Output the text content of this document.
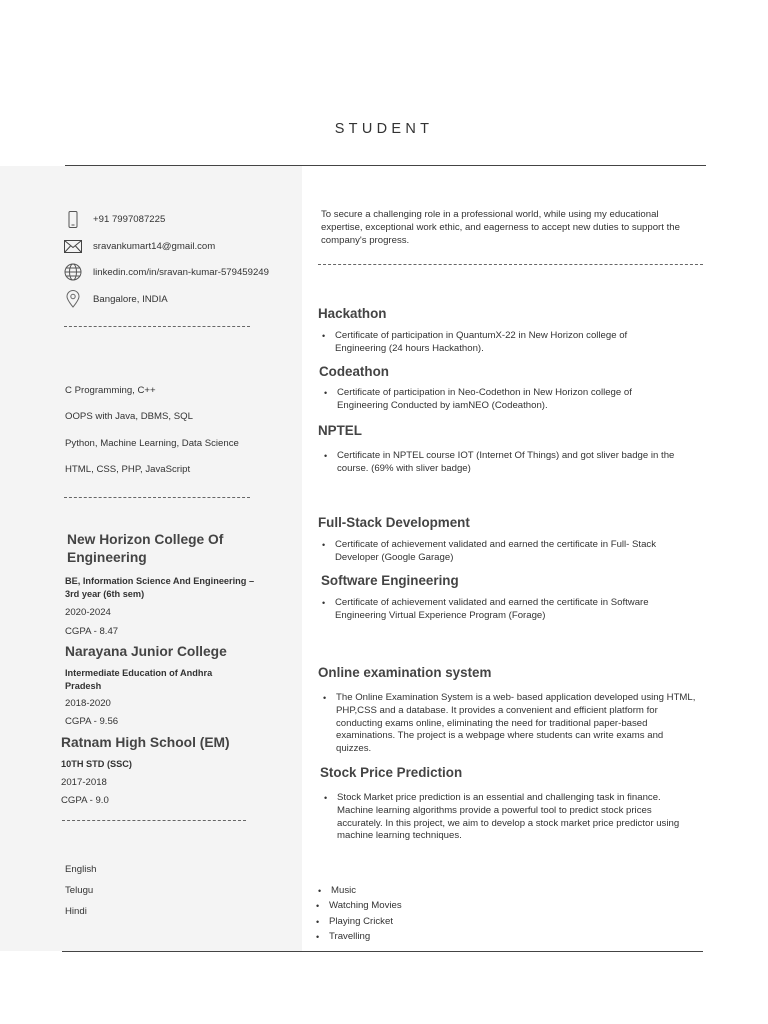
STUDENT
+91 7997087225
sravankumart14@gmail.com
linkedin.com/in/sravan-kumar-579459249
Bangalore, INDIA
C Programming, C++
OOPS with Java, DBMS, SQL
Python, Machine Learning, Data Science
HTML, CSS, PHP, JavaScript
New Horizon College Of Engineering
BE, Information Science And Engineering – 3rd year (6th sem)
2020-2024
CGPA - 8.47
Narayana Junior College
Intermediate Education of Andhra Pradesh
2018-2020
CGPA - 9.56
Ratnam High School (EM)
10TH STD (SSC)
2017-2018
CGPA - 9.0
English
Telugu
Hindi
To secure a challenging role in a professional world, while using my educational expertise, exceptional work ethic, and eagerness to accept new duties to support the company's progress.
Hackathon
• Certificate of participation in QuantumX-22 in New Horizon college of Engineering (24 hours Hackathon).
Codeathon
• Certificate of participation in Neo-Codethon in New Horizon college of Engineering Conducted by iamNEO (Codeathon).
NPTEL
• Certificate in NPTEL course IOT (Internet Of Things) and got sliver badge in the course. (69% with sliver badge)
Full-Stack Development
• Certificate of achievement validated and earned the certificate in Full- Stack Developer (Google Garage)
Software Engineering
• Certificate of achievement validated and earned the certificate in Software Engineering Virtual Experience Program (Forage)
Online examination system
• The Online Examination System is a web- based application developed using HTML, PHP,CSS and a database. It provides a convenient and efficient platform for conducting exams online, eliminating the need for traditional paper-based examinations. The project is a webpage where students can write exams and quizzes.
Stock Price Prediction
• Stock Market price prediction is an essential and challenging task in finance. Machine learning algorithms provide a powerful tool to predict stock prices accurately. In this project, we aim to develop a stock market price predictor using machine learning techniques.
• Music
• Watching Movies
• Playing Cricket
• Travelling
